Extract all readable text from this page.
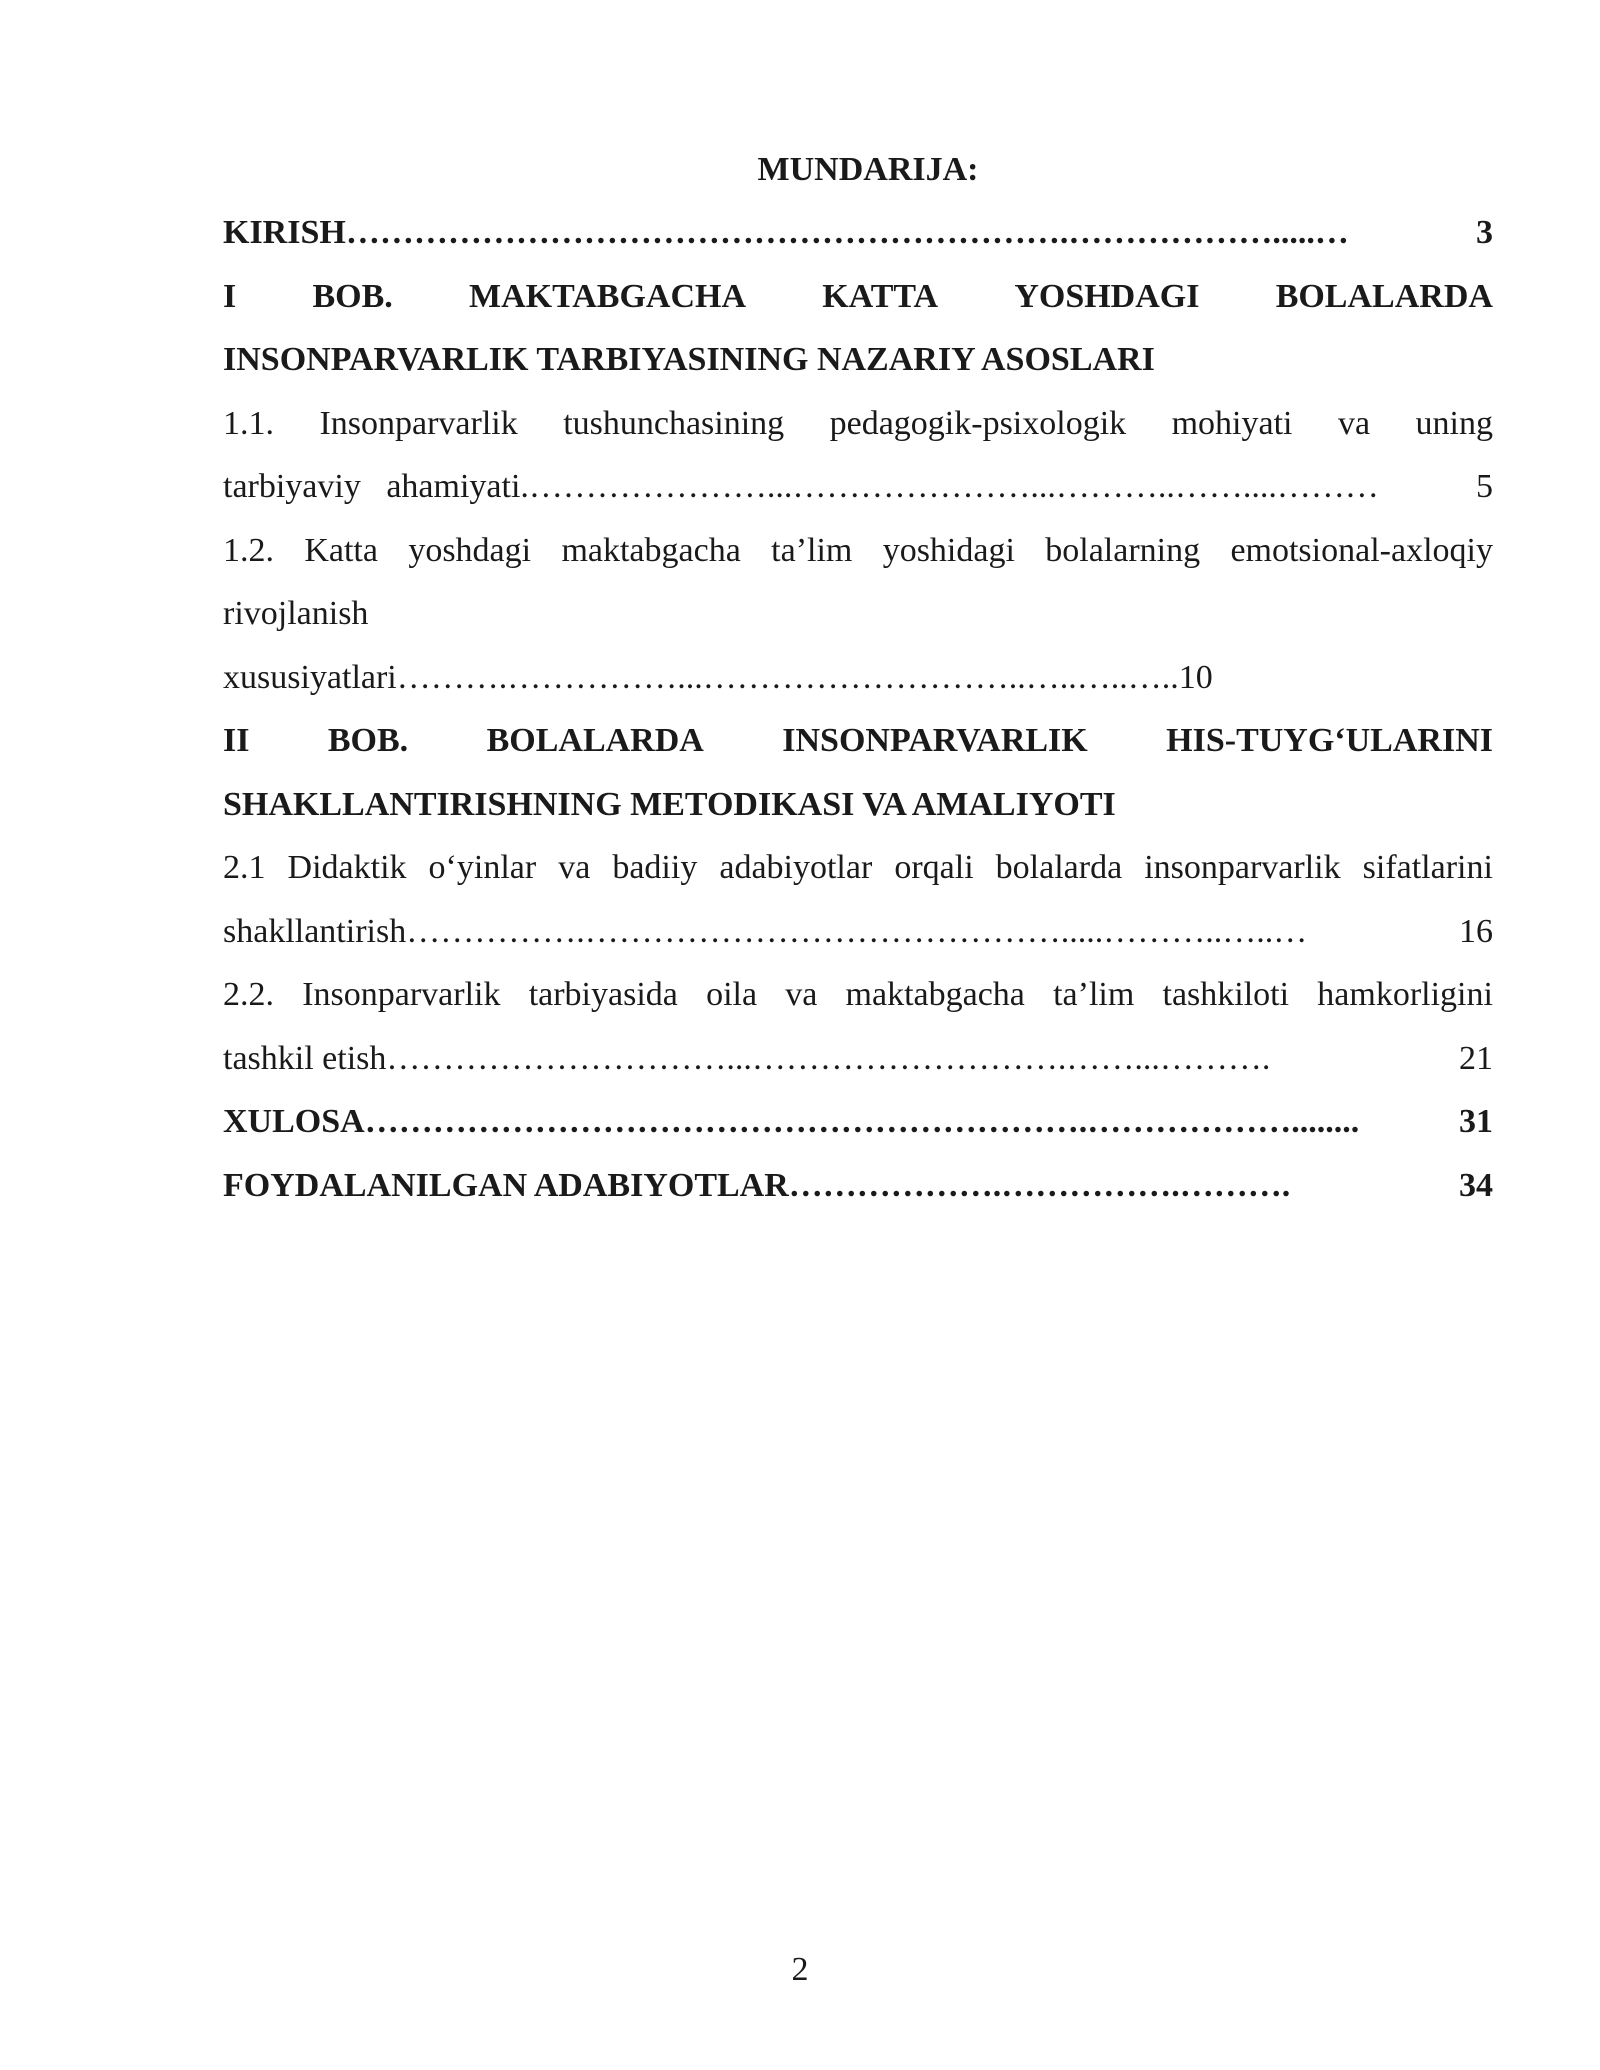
MUNDARIJA:
KIRISH ……………………………………………………….……………….....…	3
I BOB. MAKTABGACHA KATTA YOSHDAGI BOLALARDA
INSONPARVARLIK TARBIYASINING NAZARIY ASOSLARI
1.1. Insonparvarlik tushunchasining pedagogik-psixologik mohiyati va uning
tarbiyaviy   ahamiyati. …………………...…………………...………..……....………	5
1.2. Katta yoshdagi maktabgacha ta’lim yoshidagi bolalarning emotsional-axloqiy
rivojlanish
xususiyatlari……….……………...………………………..…..…..…..10
II BOB. BOLALARDA INSONPARVARLIK HIS-TUYG‘ULARINI
SHAKLLANTIRISHNING METODIKASI VA AMALIYOTI
2.1 Didaktik o‘yinlar va badiiy adabiyotlar orqali bolalarda insonparvarlik sifatlarini
shakllantirish …………….…………………………………….....………..…..…	16
2.2. Insonparvarlik tarbiyasida oila va maktabgacha ta’lim tashkiloti hamkorligini
tashkil etish …………………………...……………………….……...……….	21
XULOSA ……………………………………………………….………………........	31
FOYDALANILGAN ADABIYOTLAR ……………….…………….……….	34
2
